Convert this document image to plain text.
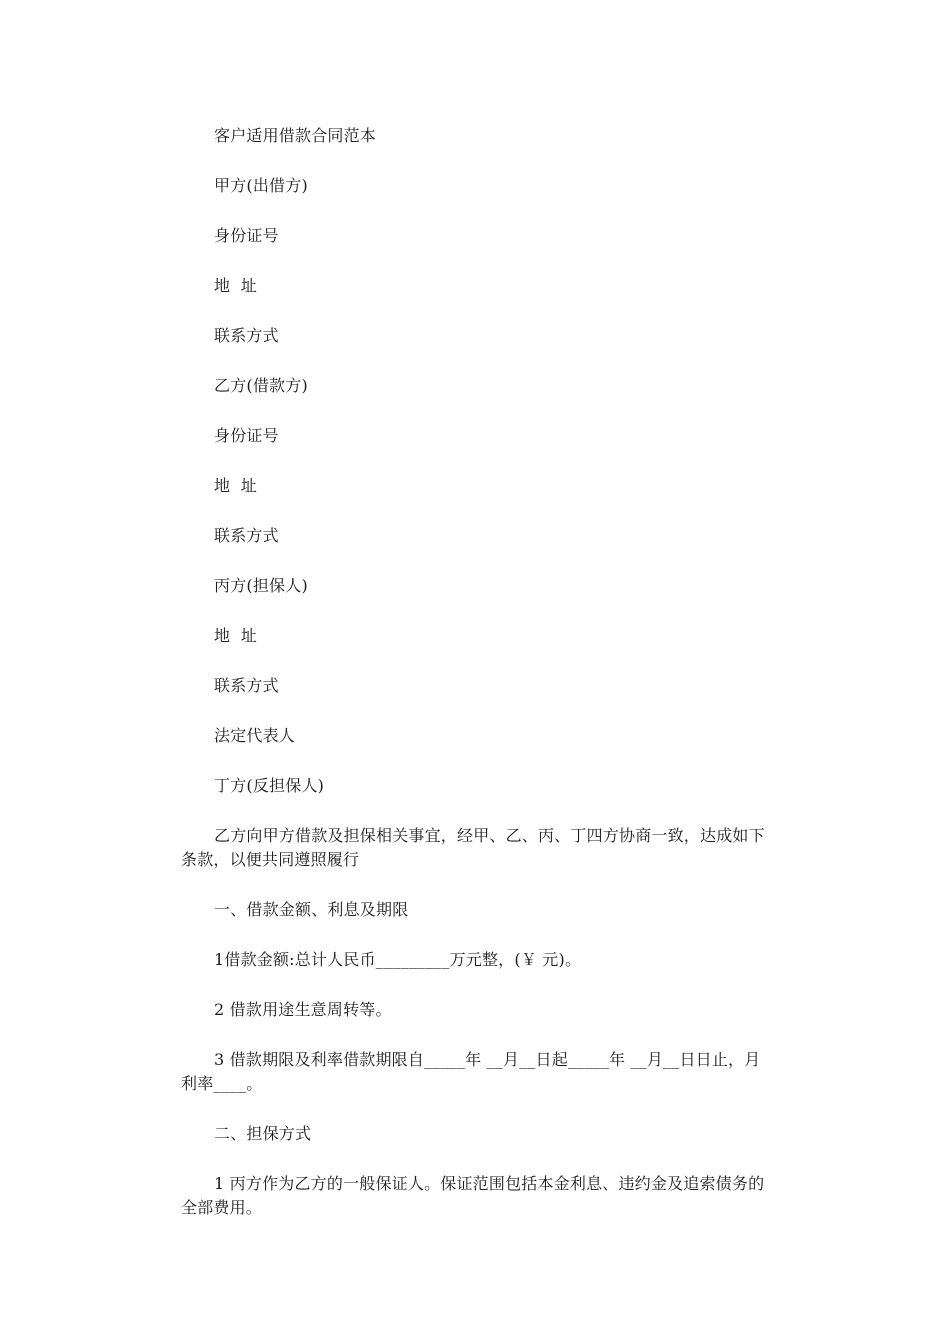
客户适用借款合同范本

甲方(出借方)

身份证号

地  址

联系方式

乙方(借款方)

身份证号

地  址

联系方式

丙方(担保人)

地  址

联系方式

法定代表人

丁方(反担保人)

乙方向甲方借款及担保相关事宜，经甲、乙、丙、丁四方协商一致，达成如下条款，以便共同遵照履行

一、借款金额、利息及期限

1借款金额:总计人民币_________万元整，(￥ 元)。

2 借款用途生意周转等。

3 借款期限及利率借款期限自_____年 __月__日起_____年 __月__日日止，月利率____。

二、担保方式

1 丙方作为乙方的一般保证人。保证范围包括本金利息、违约金及追索债务的全部费用。
